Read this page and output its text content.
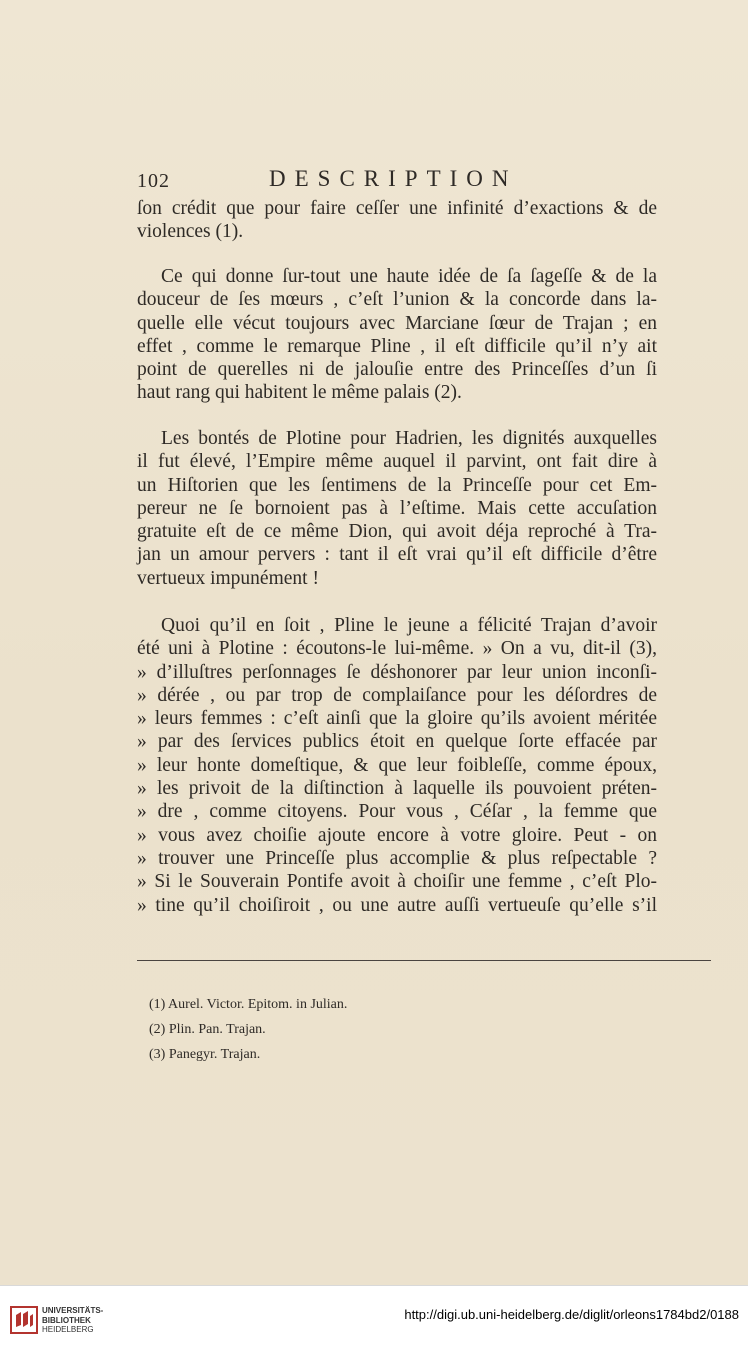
102	DESCRIPTION
ſon crédit que pour faire ceſſer une infinité d’exactions & de
violences (1).
Ce qui donne ſur-tout une haute idée de ſa ſageſſe & de la
douceur de ſes mœurs , c’eſt l’union & la concorde dans la-
quelle elle vécut toujours avec Marciane ſœur de Trajan ; en
effet , comme le remarque Pline , il eſt difficile qu’il n’y ait
point de querelles ni de jalouſie entre des Princeſſes d’un ſi
haut rang qui habitent le même palais (2).
Les bontés de Plotine pour Hadrien, les dignités auxquelles
il fut élevé, l’Empire même auquel il parvint, ont fait dire à
un Hiſtorien que les ſentimens de la Princeſſe pour cet Em-
pereur ne ſe bornoient pas à l’eſtime. Mais cette accuſation
gratuite eſt de ce même Dion, qui avoit déja reproché à Tra-
jan un amour pervers : tant il eſt vrai qu’il eſt difficile d’être
vertueux impunément !
Quoi qu’il en ſoit , Pline le jeune a félicité Trajan d’avoir
été uni à Plotine : écoutons-le lui-même. » On a vu, dit-il (3),
» d’illuſtres perſonnages ſe déshonorer par leur union inconſi-
» dérée , ou par trop de complaiſance pour les déſordres de
» leurs femmes : c’eſt ainſi que la gloire qu’ils avoient méritée
» par des ſervices publics étoit en quelque ſorte effacée par
» leur honte domeſtique, & que leur foibleſſe, comme époux,
» les privoit de la diſtinction à laquelle ils pouvoient préten-
» dre , comme citoyens. Pour vous , Céſar , la femme que
» vous avez choiſie ajoute encore à votre gloire. Peut - on
» trouver une Princeſſe plus accomplie & plus reſpectable ?
» Si le Souverain Pontife avoit à choiſir une femme , c’eſt Plo-
» tine qu’il choiſiroit , ou une autre auſſi vertueuſe qu’elle s’il
(1) Aurel. Victor. Epitom. in Julian.
(2) Plin. Pan. Trajan.
(3) Panegyr. Trajan.
UNIVERSITÄTS-
BIBLIOTHEK
HEIDELBERG
http://digi.ub.uni-heidelberg.de/diglit/orleons1784bd2/0188
